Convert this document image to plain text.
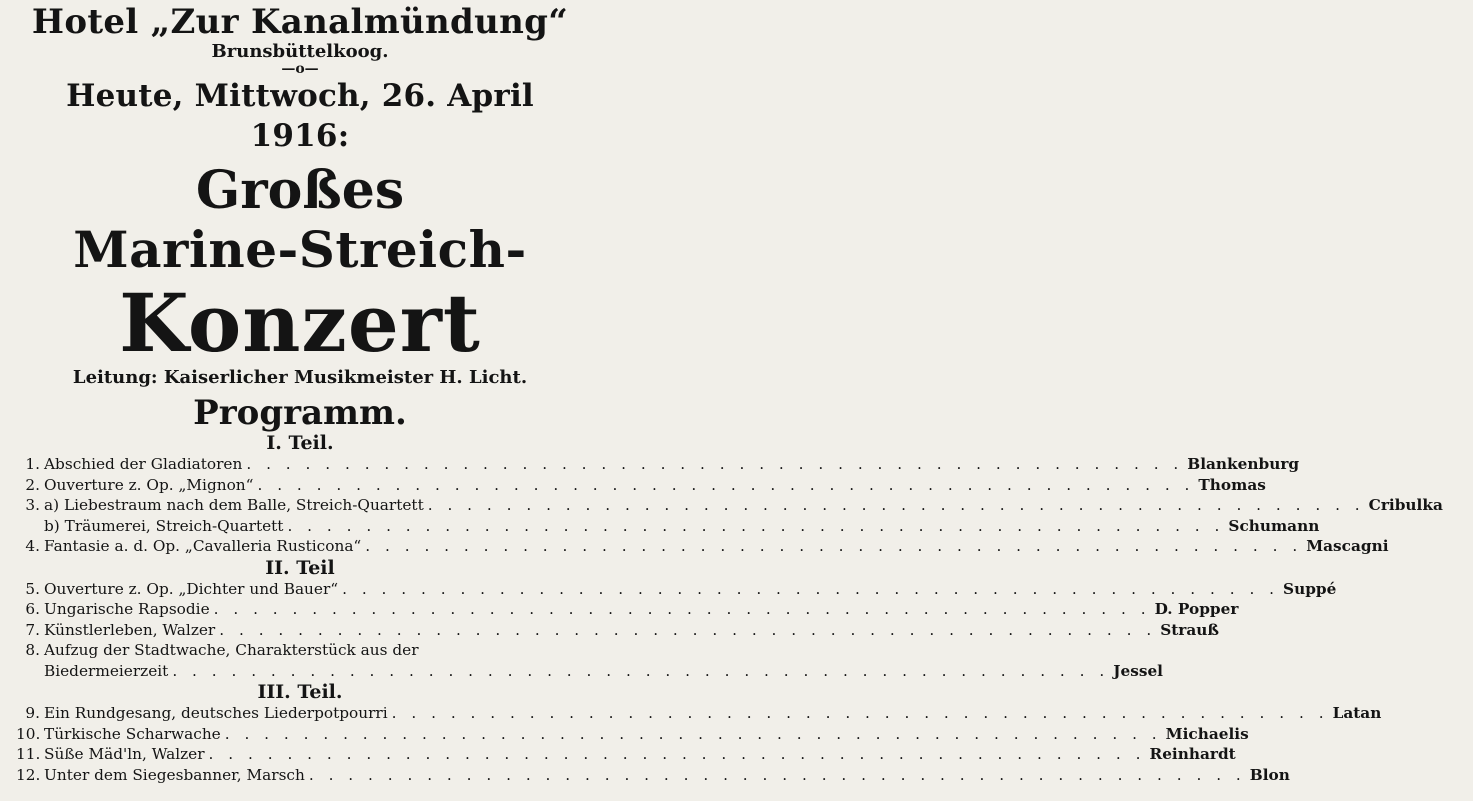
Hotel „Zur Kanalmündung“
Brunsbüttelkoog.
—o—
Heute, Mittwoch, 26. April 1916:
Großes
Marine-Streich-
Konzert
Leitung: Kaiserlicher Musikmeister H. Licht.
Programm.
I. Teil.
1. Abschied der Gladiatoren . . .	Blankenburg
2. Ouverture z. Op. „Mignon“ . . .	Thomas
3. a) Liebestraum nach dem Balle, Streich-Quartett . . .	Cribulka
b) Träumerei, Streich-Quartett . . .	Schumann
4. Fantasie a. d. Op. „Cavalleria Rusticona“ . . .	Mascagni
II. Teil
5. Ouverture z. Op. „Dichter und Bauer“ . . .	Suppé
6. Ungarische Rapsodie . . .	D. Popper
7. Künstlerleben, Walzer . . .	Strauß
8. Aufzug der Stadtwache, Charakterstück aus der
Biedermeierzeit . . .	Jessel
III. Teil.
9. Ein Rundgesang, deutsches Liederpotpourri . . .	Latan
10. Türkische Scharwache . . .	Michaelis
11. Süße Mäd'ln, Walzer . . .	Reinhardt
12. Unter dem Siegesbanner, Marsch . . .	Blon
